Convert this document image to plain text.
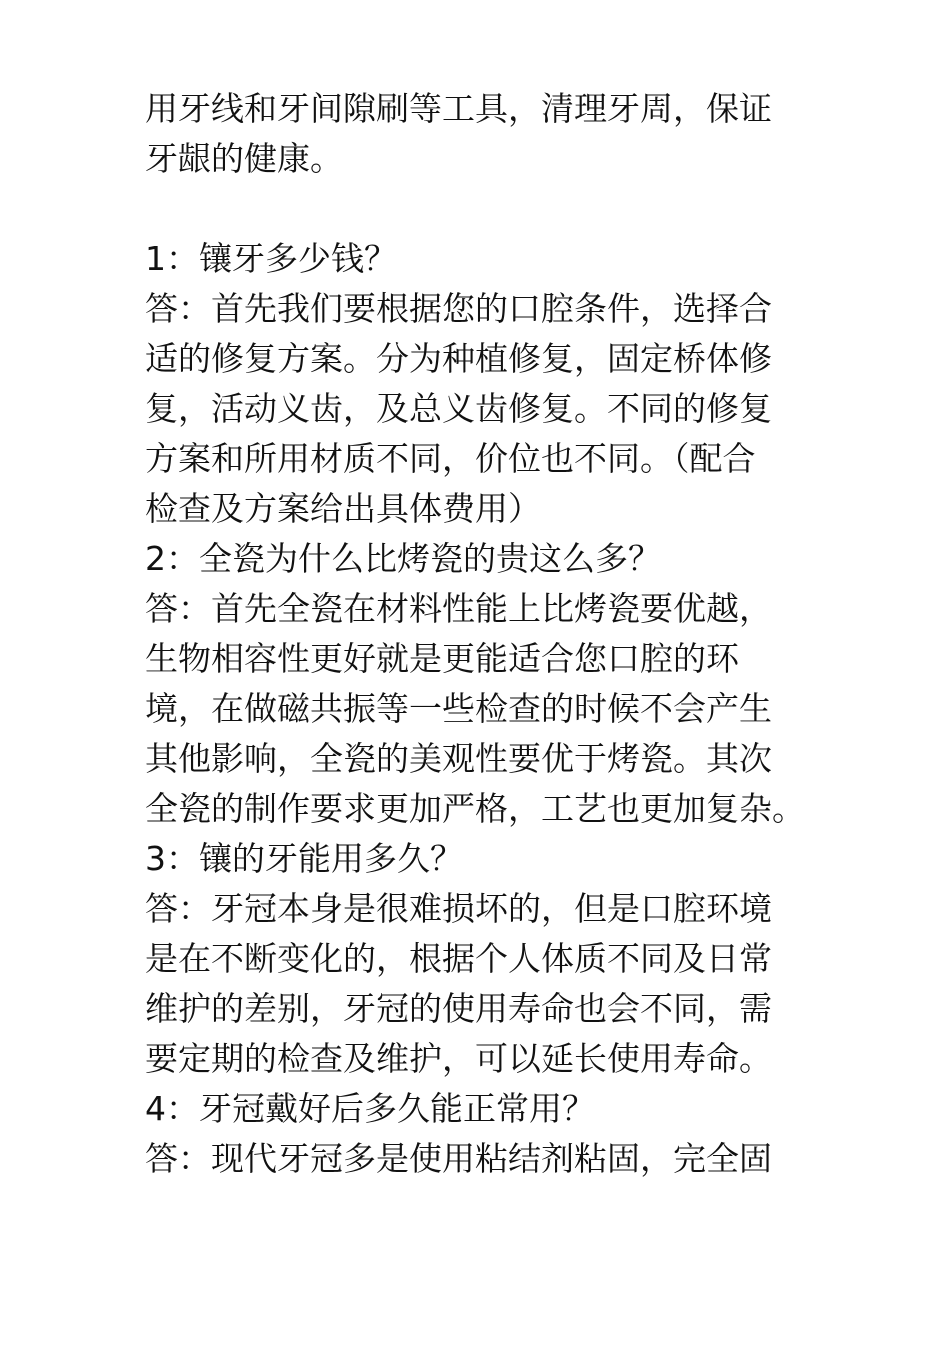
用牙线和牙间隙刷等工具，清理牙周，保证
牙龈的健康。
1：镶牙多少钱？
答：首先我们要根据您的口腔条件，选择合
适的修复方案。分为种植修复，固定桥体修
复，活动义齿，及总义齿修复。不同的修复
方案和所用材质不同，价位也不同。（配合
检查及方案给出具体费用）
2：全瓷为什么比烤瓷的贵这么多？
答：首先全瓷在材料性能上比烤瓷要优越，
生物相容性更好就是更能适合您口腔的环
境，在做磁共振等一些检查的时候不会产生
其他影响，全瓷的美观性要优于烤瓷。其次
全瓷的制作要求更加严格，工艺也更加复杂。
3：镶的牙能用多久？
答：牙冠本身是很难损坏的，但是口腔环境
是在不断变化的，根据个人体质不同及日常
维护的差别，牙冠的使用寿命也会不同，需
要定期的检查及维护，可以延长使用寿命。
4：牙冠戴好后多久能正常用？
答：现代牙冠多是使用粘结剂粘固，完全固
